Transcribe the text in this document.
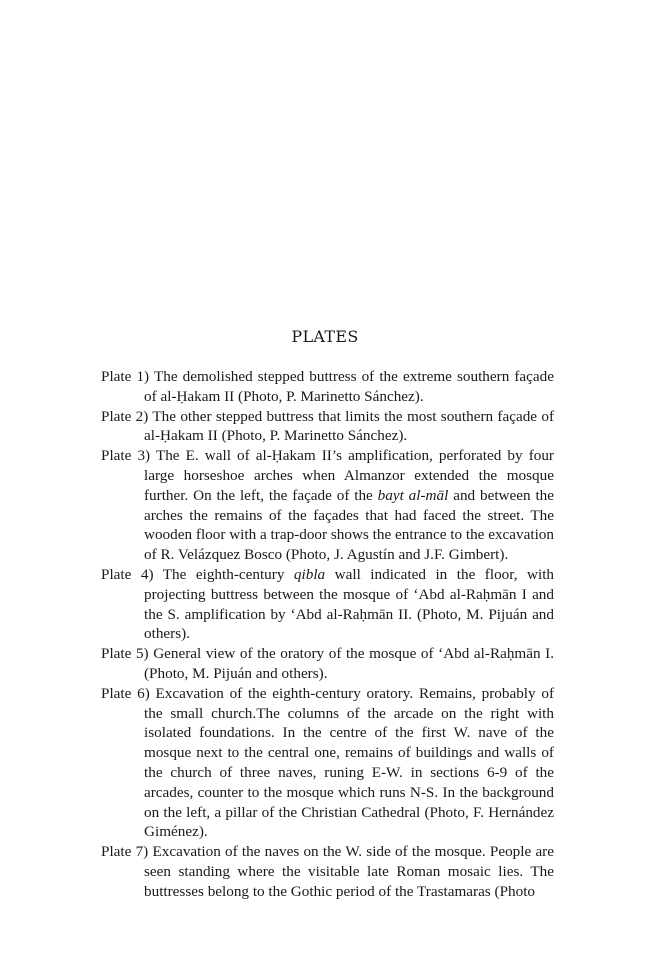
PLATES
Plate 1) The demolished stepped buttress of the extreme southern façade of al-Ḥakam II (Photo, P. Marinetto Sánchez).
Plate 2) The other stepped buttress that limits the most southern façade of al-Ḥakam II (Photo, P. Marinetto Sánchez).
Plate 3) The E. wall of al-Ḥakam II’s amplification, perforated by four large horseshoe arches when Almanzor extended the mosque further. On the left, the façade of the bayt al-māl and between the arches the remains of the façades that had faced the street. The wooden floor with a trap-door shows the entrance to the excavation of R. Velázquez Bosco (Photo, J. Agustín and J.F. Gimbert).
Plate 4) The eighth-century qibla wall indicated in the floor, with projecting buttress between the mosque of ‘Abd al-Raḥmān I and the S. amplification by ‘Abd al-Raḥmān II. (Photo, M. Pijuán and others).
Plate 5) General view of the oratory of the mosque of ‘Abd al-Raḥmān I. (Photo, M. Pijuán and others).
Plate 6) Excavation of the eighth-century oratory. Remains, probably of the small church.The columns of the arcade on the right with isolated foundations. In the centre of the first W. nave of the mosque next to the central one, remains of buildings and walls of the church of three naves, runing E-W. in sections 6-9 of the arcades, counter to the mosque which runs N-S. In the background on the left, a pillar of the Christian Cathedral (Photo, F. Hernández Giménez).
Plate 7) Excavation of the naves on the W. side of the mosque. People are seen standing where the visitable late Roman mosaic lies. The buttresses belong to the Gothic period of the Trastamaras (Photo
